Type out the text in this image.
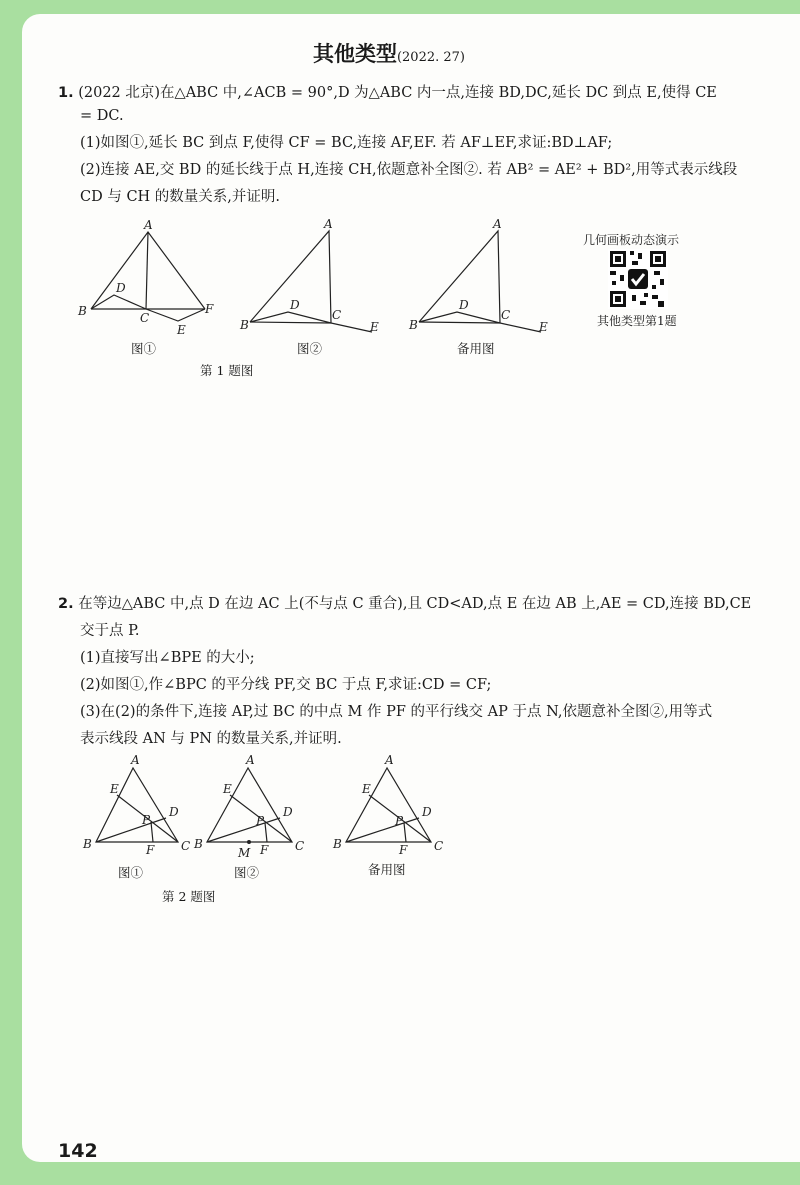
其他类型(2022. 27)
1. (2022 北京)在△ABC 中,∠ACB = 90°,D 为△ABC 内一点,连接 BD,DC,延长 DC 到点 E,使得 CE
= DC.
(1)如图①,延长 BC 到点 F,使得 CF = BC,连接 AF,EF. 若 AF⊥EF,求证:BD⊥AF;
(2)连接 AE,交 BD 的延长线于点 H,连接 CH,依题意补全图②. 若 AB² = AE² + BD²,用等式表示线段
CD 与 CH 的数量关系,并证明.
A
B	C
D
E
F
A
B
C
D
E
A
B
C
D
E
图①	图②	备用图
第 1 题图
几何画板动态演示
其他类型第1题
2. 在等边△ABC 中,点 D 在边 AC 上(不与点 C 重合),且 CD<AD,点 E 在边 AB 上,AE = CD,连接 BD,CE
交于点 P.
(1)直接写出∠BPE 的大小;
(2)如图①,作∠BPC 的平分线 PF,交 BC 于点 F,求证:CD = CF;
(3)在(2)的条件下,连接 AP,过 BC 的中点 M 作 PF 的平行线交 AP 于点 N,依题意补全图②,用等式
表示线段 AN 与 PN 的数量关系,并证明.
A
B	C
D
E
F
P
A
B	C
D
E
F
P
M
A
B	C
D
E
F
P
图①	图②	备用图
第 2 题图
142
